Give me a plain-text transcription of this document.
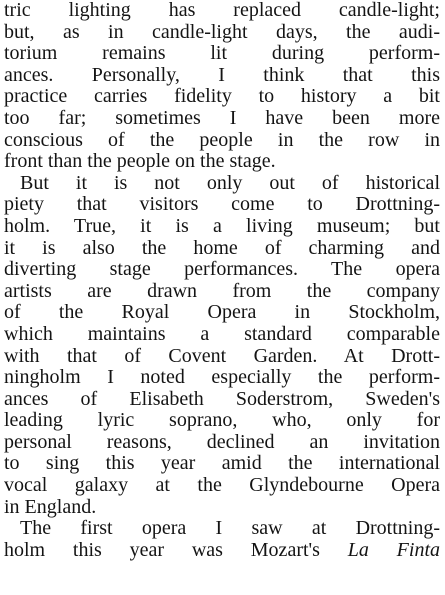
tric lighting has replaced candle-light;
but, as in candle-light days, the audi-
torium remains lit during perform-
ances. Personally, I think that this
practice carries fidelity to history a bit
too far; sometimes I have been more
conscious of the people in the row in
front than the people on the stage.
But it is not only out of historical
piety that visitors come to Drottning-
holm. True, it is a living museum; but
it is also the home of charming and
diverting stage performances. The opera
artists are drawn from the company
of the Royal Opera in Stockholm,
which maintains a standard comparable
with that of Covent Garden. At Drott-
ningholm I noted especially the perform-
ances of Elisabeth Soderstrom, Sweden's
leading lyric soprano, who, only for
personal reasons, declined an invitation
to sing this year amid the international
vocal galaxy at the Glyndebourne Opera
in England.
The first opera I saw at Drottning-
holm this year was Mozart's La Finta
